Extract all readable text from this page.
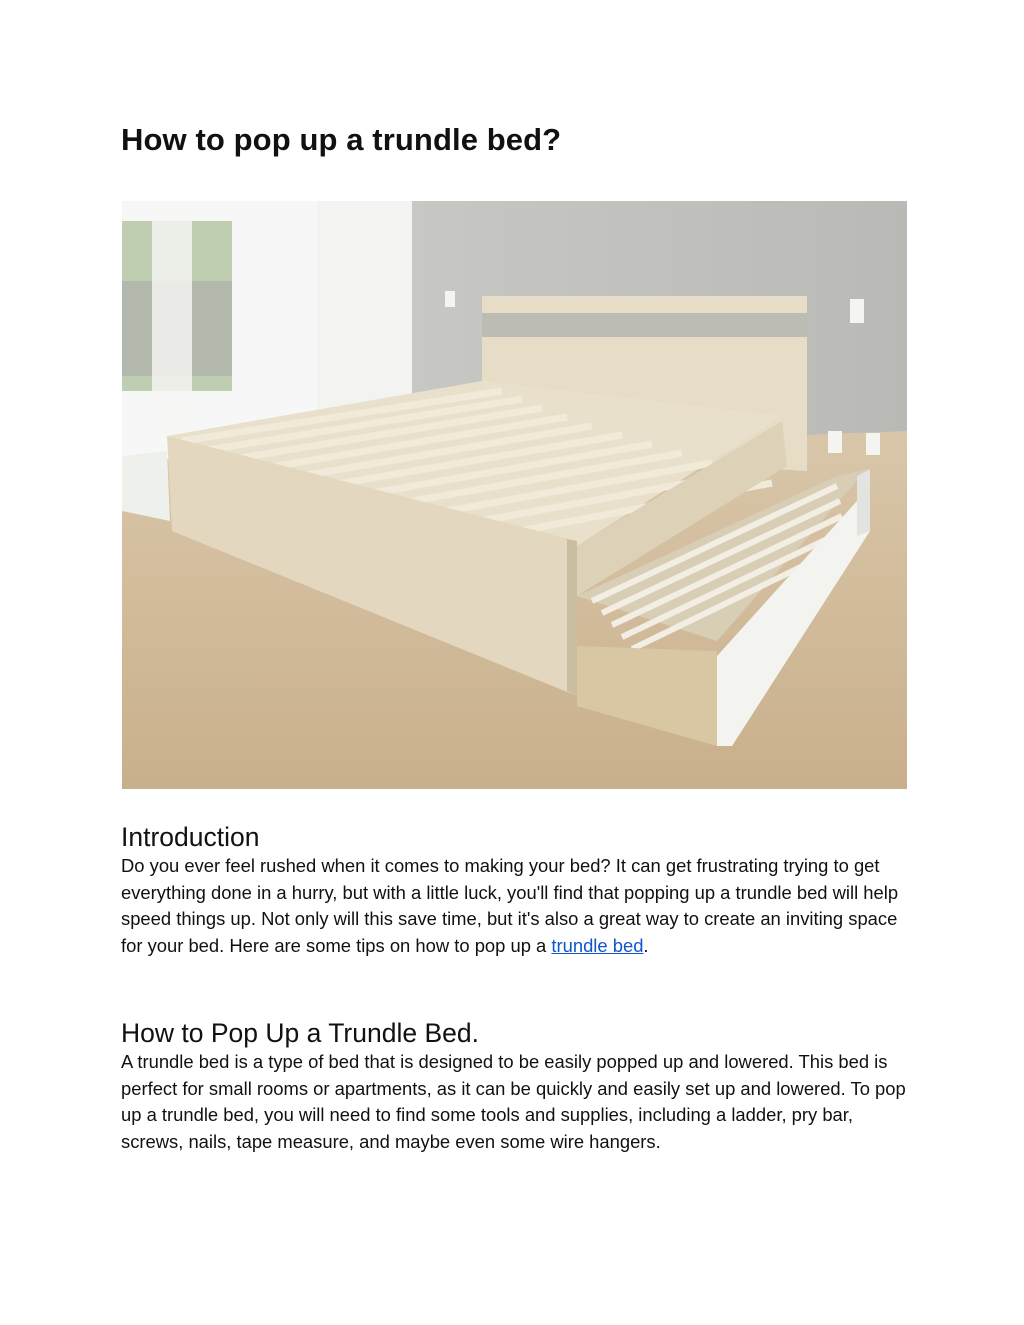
How to pop up a trundle bed?
Introduction

Do you ever feel rushed when it comes to making your bed? It can get frustrating trying to get everything done in a hurry, but with a little luck, you'll find that popping up a trundle bed will help speed things up. Not only will this save time, but it's also a great way to create an inviting space for your bed. Here are some tips on how to pop up a trundle bed.

How to Pop Up a Trundle Bed.

A trundle bed is a type of bed that is designed to be easily popped up and lowered. This bed is perfect for small rooms or apartments, as it can be quickly and easily set up and lowered. To pop up a trundle bed, you will need to find some tools and supplies, including a ladder, pry bar, screws, nails, tape measure, and maybe even some wire hangers.
